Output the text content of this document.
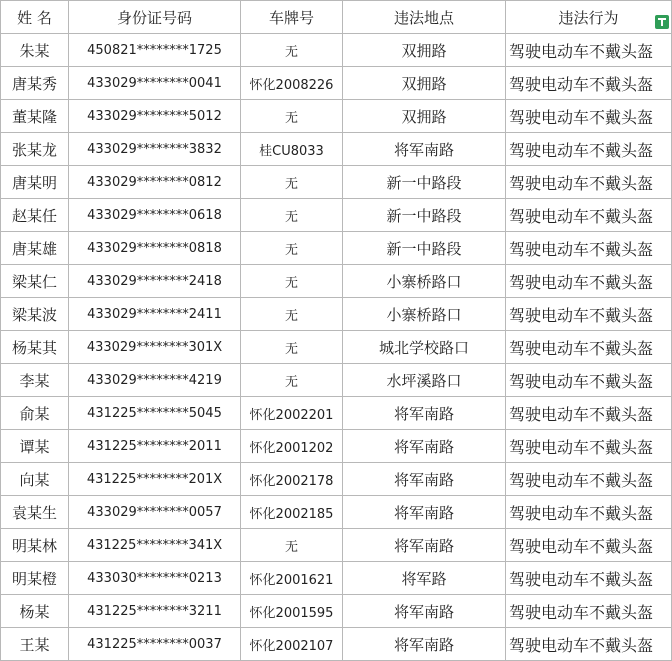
姓 名	身份证号码	车牌号	违法地点	违法行为
朱某	450821********1725	无	双拥路	驾驶电动车不戴头盔
唐某秀	433029********0041	怀化2008226	双拥路	驾驶电动车不戴头盔
董某隆	433029********5012	无	双拥路	驾驶电动车不戴头盔
张某龙	433029********3832	桂CU8033	将军南路	驾驶电动车不戴头盔
唐某明	433029********0812	无	新一中路段	驾驶电动车不戴头盔
赵某任	433029********0618	无	新一中路段	驾驶电动车不戴头盔
唐某雄	433029********0818	无	新一中路段	驾驶电动车不戴头盔
梁某仁	433029********2418	无	小寨桥路口	驾驶电动车不戴头盔
梁某波	433029********2411	无	小寨桥路口	驾驶电动车不戴头盔
杨某其	433029********301X	无	城北学校路口	驾驶电动车不戴头盔
李某	433029********4219	无	水坪溪路口	驾驶电动车不戴头盔
俞某	431225********5045	怀化2002201	将军南路	驾驶电动车不戴头盔
谭某	431225********2011	怀化2001202	将军南路	驾驶电动车不戴头盔
向某	431225********201X	怀化2002178	将军南路	驾驶电动车不戴头盔
袁某生	433029********0057	怀化2002185	将军南路	驾驶电动车不戴头盔
明某林	431225********341X	无	将军南路	驾驶电动车不戴头盔
明某橙	433030********0213	怀化2001621	将军路	驾驶电动车不戴头盔
杨某	431225********3211	怀化2001595	将军南路	驾驶电动车不戴头盔
王某	431225********0037	怀化2002107	将军南路	驾驶电动车不戴头盔
